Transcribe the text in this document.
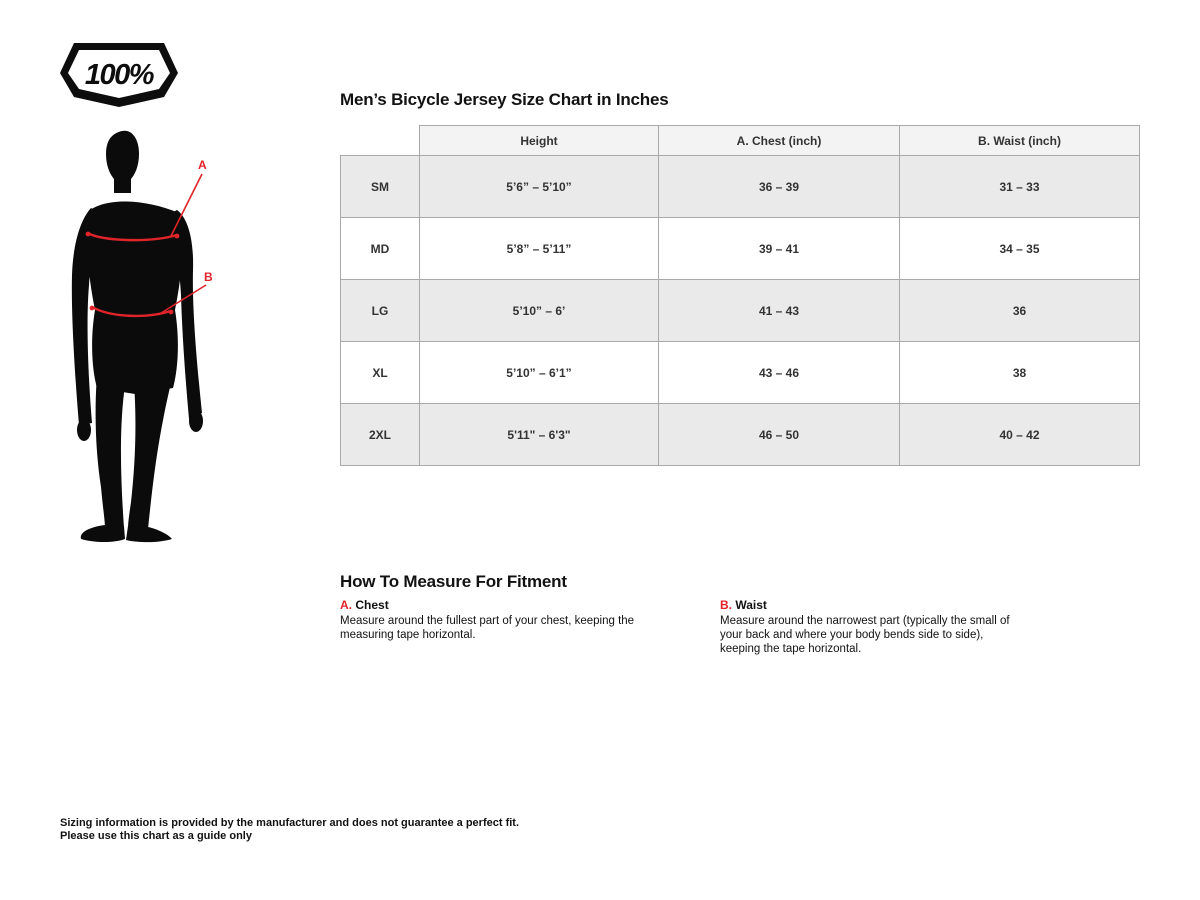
100%
A
B
Men’s Bicycle Jersey Size Chart in Inches
	Height	A. Chest (inch)	B. Waist (inch)
SM	5’6” – 5’10”	36 – 39	31 – 33
MD	5’8” – 5’11”	39 – 41	34 – 35
LG	5’10” – 6’	41 – 43	36
XL	5’10” – 6’1”	43 – 46	38
2XL	5'11" – 6'3"	46 – 50	40 – 42
How To Measure For Fitment
A. Chest
Measure around the fullest part of your chest, keeping the measuring tape horizontal.
B. Waist
Measure around the narrowest part (typically the small of your back and where your body bends side to side), keeping the tape horizontal.
Sizing information is provided by the manufacturer and does not guarantee a perfect fit.
Please use this chart as a guide only
